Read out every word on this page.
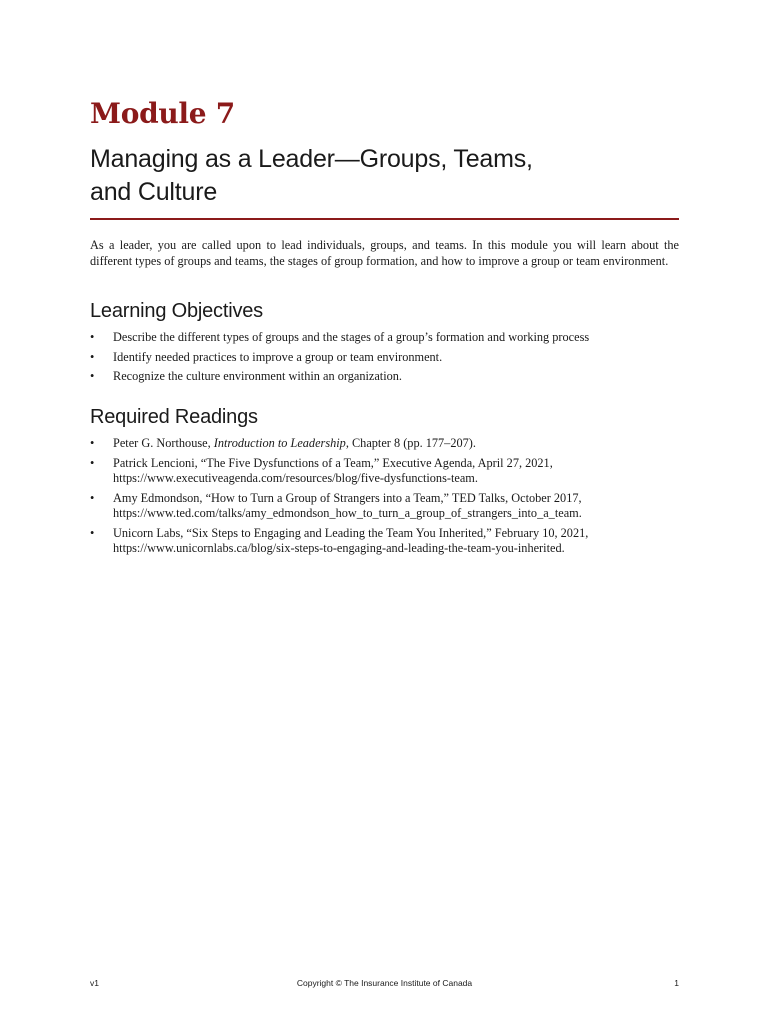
Module 7
Managing as a Leader—Groups, Teams,
and Culture

As a leader, you are called upon to lead individuals, groups, and teams. In this module you will learn about the different types of groups and teams, the stages of group formation, and how to improve a group or team environment.

Learning Objectives
• Describe the different types of groups and the stages of a group’s formation and working process
• Identify needed practices to improve a group or team environment.
• Recognize the culture environment within an organization.
Required Readings
• Peter G. Northouse, Introduction to Leadership, Chapter 8 (pp. 177–207).
• Patrick Lencioni, “The Five Dysfunctions of a Team,” Executive Agenda, April 27, 2021,
https://www.executiveagenda.com/resources/blog/five-dysfunctions-team.
• Amy Edmondson, “How to Turn a Group of Strangers into a Team,” TED Talks, October 2017,
https://www.ted.com/talks/amy_edmondson_how_to_turn_a_group_of_strangers_into_a_team.
• Unicorn Labs, “Six Steps to Engaging and Leading the Team You Inherited,” February 10, 2021,
https://www.unicornlabs.ca/blog/six-steps-to-engaging-and-leading-the-team-you-inherited.
v1	Copyright © The Insurance Institute of Canada	1
